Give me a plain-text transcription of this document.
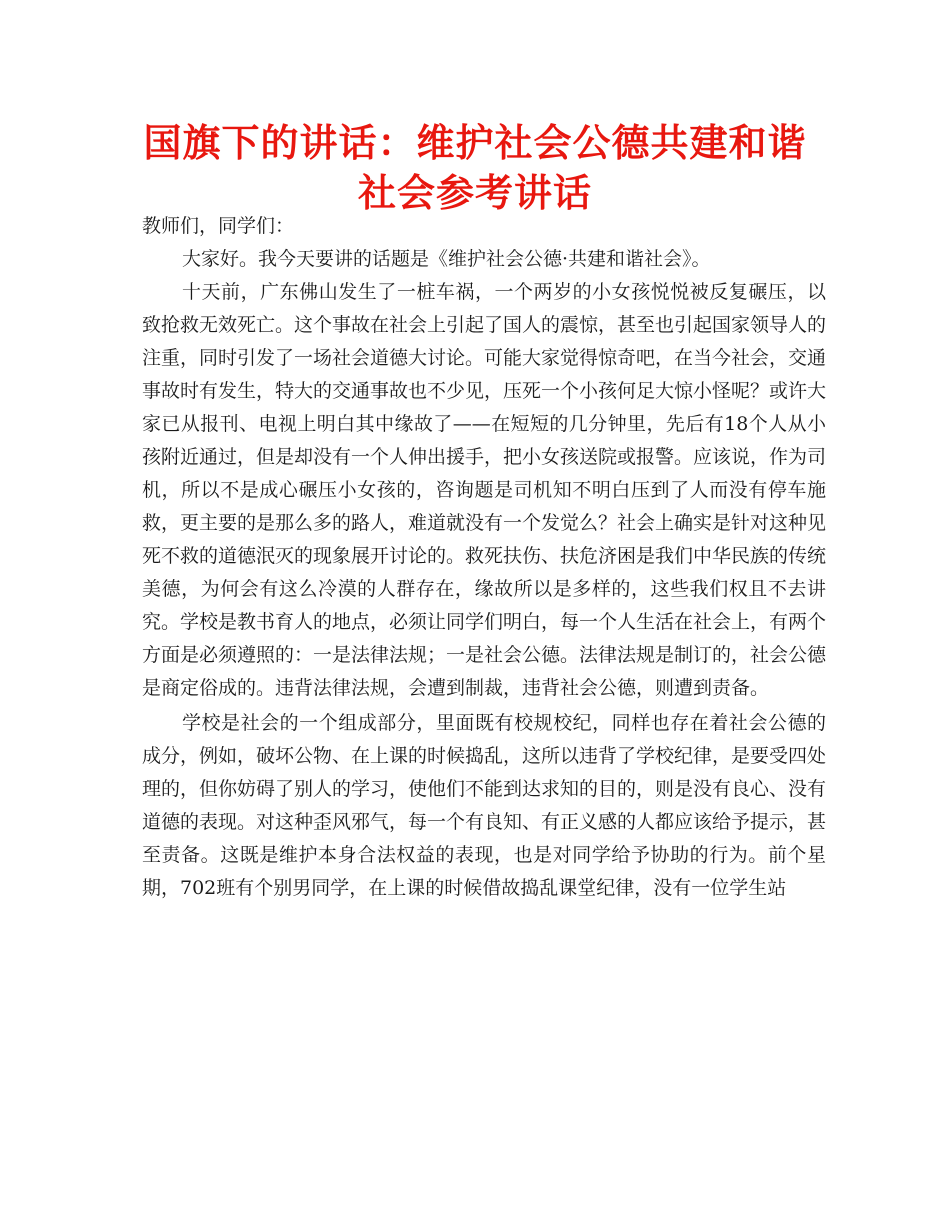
国旗下的讲话：维护社会公德共建和谐社会参考讲话

教师们，同学们：

大家好。我今天要讲的话题是《维护社会公德·共建和谐社会》。

十天前，广东佛山发生了一桩车祸，一个两岁的小女孩悦悦被反复碾压，以致抢救无效死亡。这个事故在社会上引起了国人的震惊，甚至也引起国家领导人的注重，同时引发了一场社会道德大讨论。可能大家觉得惊奇吧，在当今社会，交通事故时有发生，特大的交通事故也不少见，压死一个小孩何足大惊小怪呢？或许大家已从报刊、电视上明白其中缘故了——在短短的几分钟里，先后有18个人从小孩附近通过，但是却没有一个人伸出援手，把小女孩送院或报警。应该说，作为司机，所以不是成心碾压小女孩的，咨询题是司机知不明白压到了人而没有停车施救，更主要的是那么多的路人，难道就没有一个发觉么？社会上确实是针对这种见死不救的道德泯灭的现象展开讨论的。救死扶伤、扶危济困是我们中华民族的传统美德，为何会有这么冷漠的人群存在，缘故所以是多样的，这些我们权且不去讲究。学校是教书育人的地点，必须让同学们明白，每一个人生活在社会上，有两个方面是必须遵照的：一是法律法规；一是社会公德。法律法规是制订的，社会公德是商定俗成的。违背法律法规，会遭到制裁，违背社会公德，则遭到责备。

学校是社会的一个组成部分，里面既有校规校纪，同样也存在着社会公德的成分，例如，破坏公物、在上课的时候捣乱，这所以违背了学校纪律，是要受四处理的，但你妨碍了别人的学习，使他们不能到达求知的目的，则是没有良心、没有道德的表现。对这种歪风邪气，每一个有良知、有正义感的人都应该给予提示，甚至责备。这既是维护本身合法权益的表现，也是对同学给予协助的行为。前个星期，702班有个别男同学，在上课的时候借故捣乱课堂纪律，没有一位学生站
